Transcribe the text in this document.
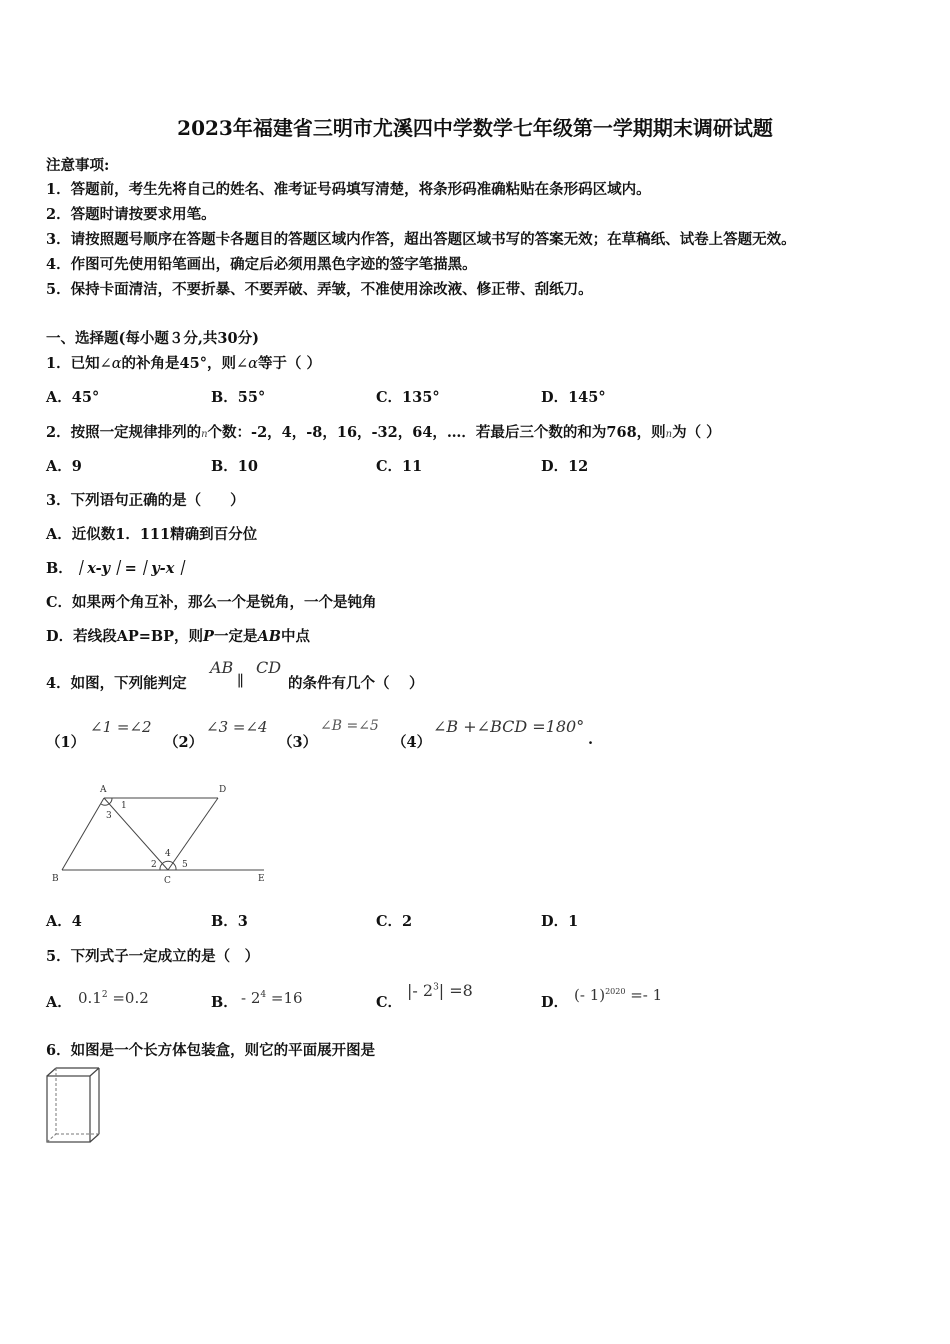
2023年福建省三明市尤溪四中学数学七年级第一学期期末调研试题
注意事项:
1．答题前，考生先将自己的姓名、准考证号码填写清楚，将条形码准确粘贴在条形码区域内。
2．答题时请按要求用笔。
3．请按照题号顺序在答题卡各题目的答题区域内作答，超出答题区域书写的答案无效；在草稿纸、试卷上答题无效。
4．作图可先使用铅笔画出，确定后必须用黑色字迹的签字笔描黑。
5．保持卡面清洁，不要折暴、不要弄破、弄皱，不准使用涂改液、修正带、刮纸刀。
一、选择题(每小题３分,共30分)
1．已知∠α的补角是45°，则∠α等于（ ）
A．45°	B．55°	C．135°	D．145°
2．按照一定规律排列的n个数：-2，4，-8，16，-32，64，…．若最后三个数的和为768，则n为（ ）
A．9	B．10	C．11	D．12
3．下列语句正确的是（　　）
A．近似数1．111精确到百分位
B．｜x-y｜=｜y-x｜
C．如果两个角互补，那么一个是锐角，一个是钝角
D．若线段AP=BP，则P一定是AB中点
4．如图，下列能判定
AB
∥
CD
的条件有几个（　 ）
（1）
∠1 =∠2
（2）
∠3 =∠4
（3）
∠B =∠5
（4）
∠B +∠BCD =180°
.
A	D
B	C	E
1
2
3
4
5
A．4	B．3	C．2	D．1
5．下列式子一定成立的是（　）
A． $0.1^2 =0.2$	B． - $2^4 =16$	C．
|- $2^3| =8$
D． (- 1)$^{2020}$ =- 1
6．如图是一个长方体包装盒，则它的平面展开图是
